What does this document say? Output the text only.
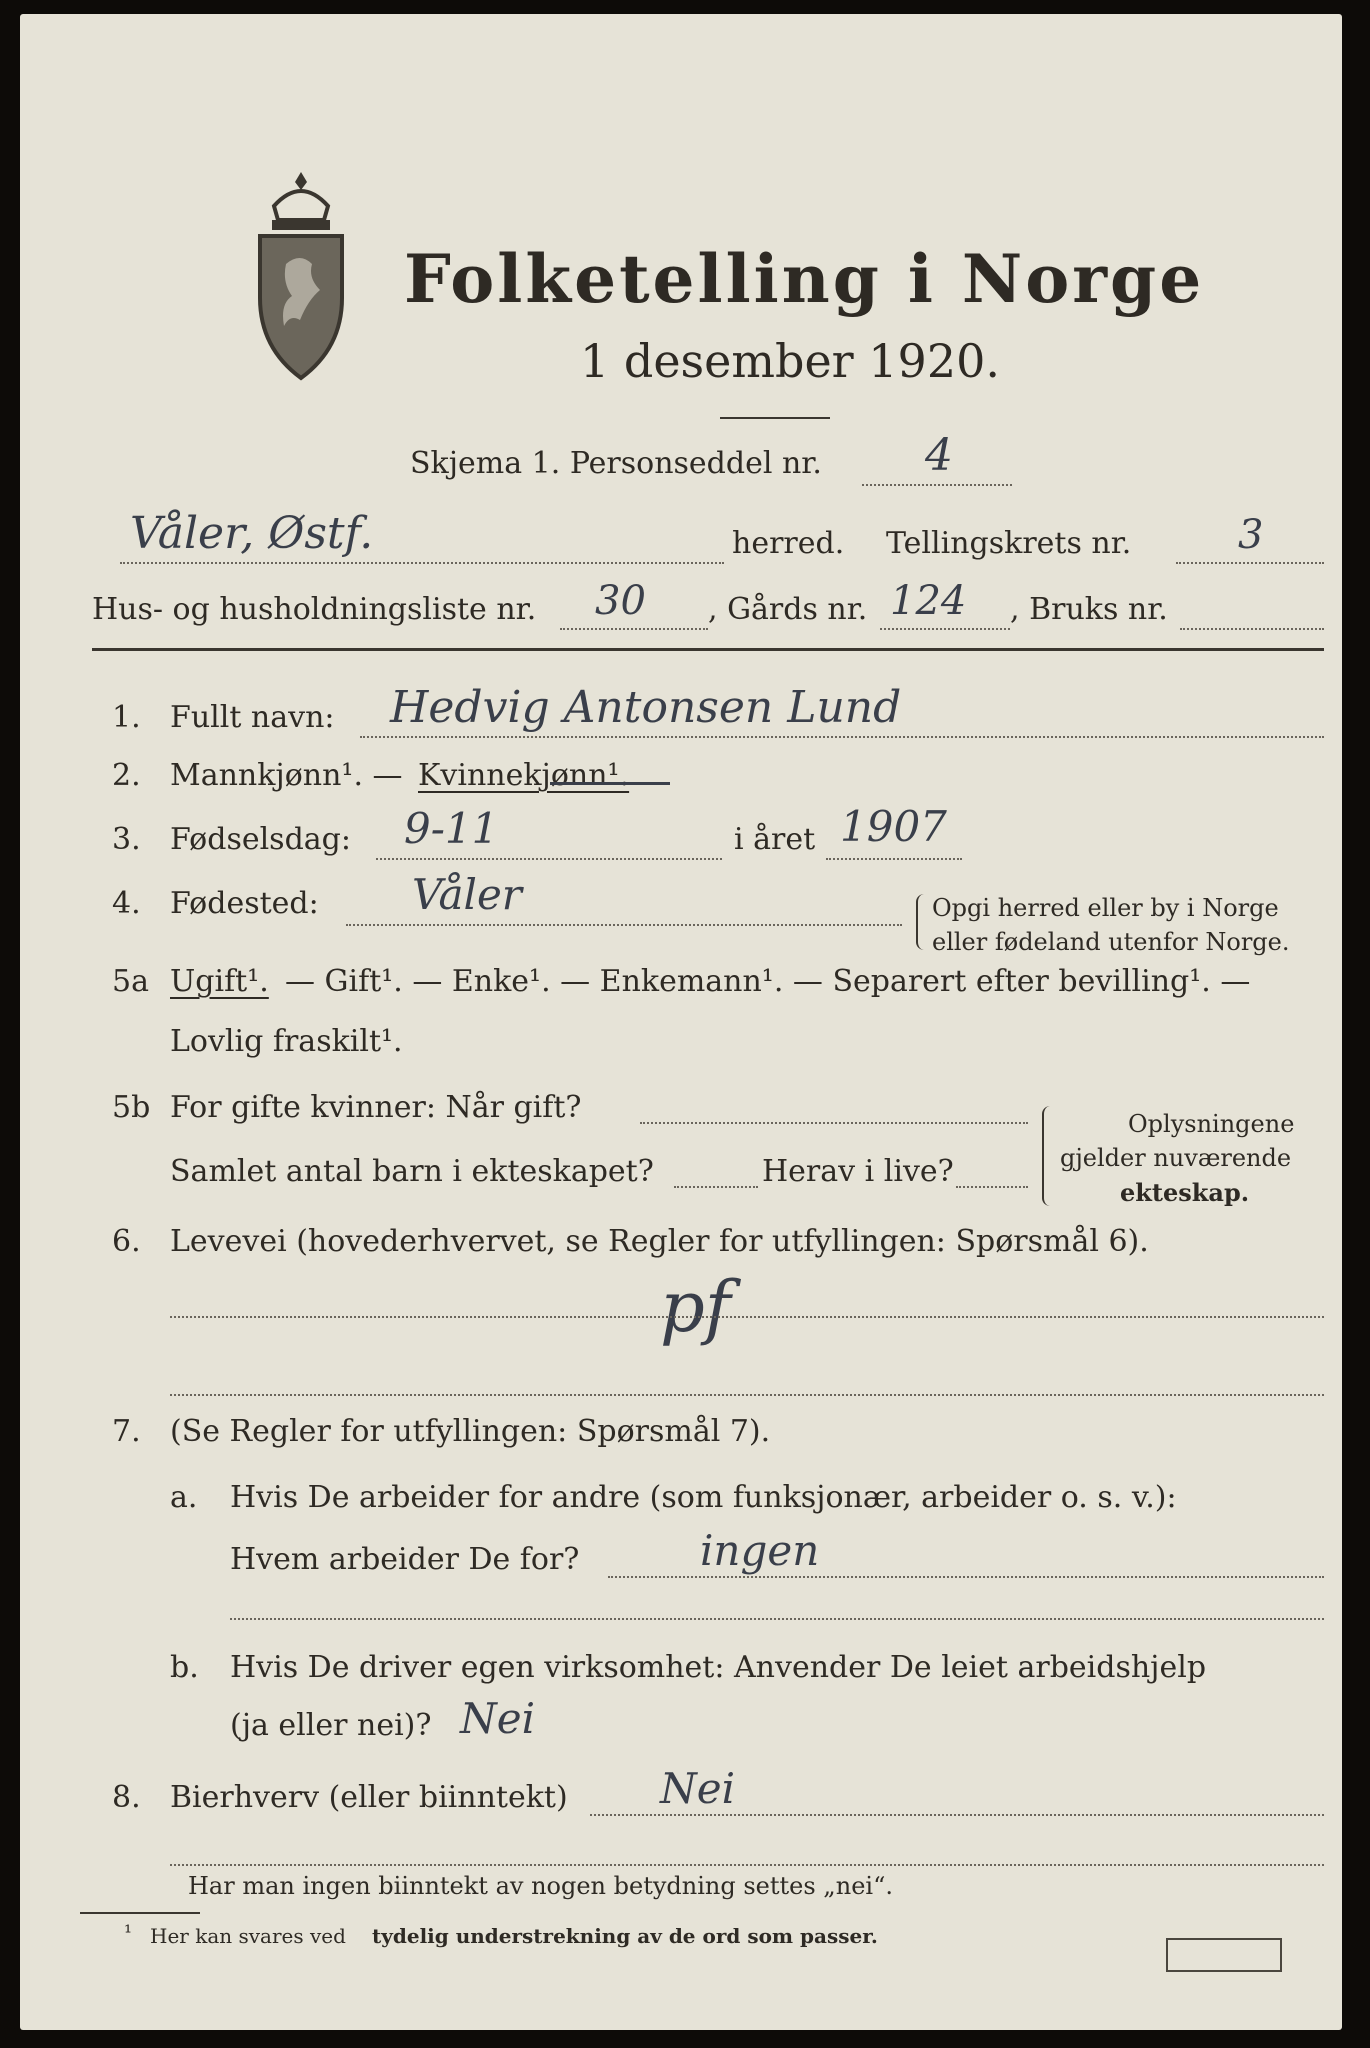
Folketelling i Norge
1 desember 1920.
Skjema 1. Personseddel nr. 4
Våler, Østf.	herred. Tellingskrets nr.	3
Hus- og husholdningsliste nr. 30 , Gårds nr. 124 , Bruks nr.
1. Fullt navn: Hedvig Antonsen Lund
2. Mannkjønn¹. — Kvinnekjønn¹.
3. Fødselsdag: 9-11	i året 1907
4. Fødested: Våler	Opgi herred eller by i Norge
eller fødeland utenfor Norge.
5a Ugift¹. — Gift¹. — Enke¹. — Enkemann¹. — Separert efter bevilling¹. —
Lovlig fraskilt¹.
5b For gifte kvinner: Når gift?
Samlet antal barn i ekteskapet?	Herav i live?
Oplysningene
gjelder nuværende
ekteskap.
6. Levevei (hovederhvervet, se Regler for utfyllingen: Spørsmål 6).
pf
7. (Se Regler for utfyllingen: Spørsmål 7).
a. Hvis De arbeider for andre (som funksjonær, arbeider o. s. v.):
Hvem arbeider De for?	ingen
b. Hvis De driver egen virksomhet: Anvender De leiet arbeidshjelp
(ja eller nei)? Nei
8. Bierhverv (eller biinntekt) Nei
Har man ingen biinntekt av nogen betydning settes „nei“.
¹ Her kan svares ved tydelig understrekning av de ord som passer.
